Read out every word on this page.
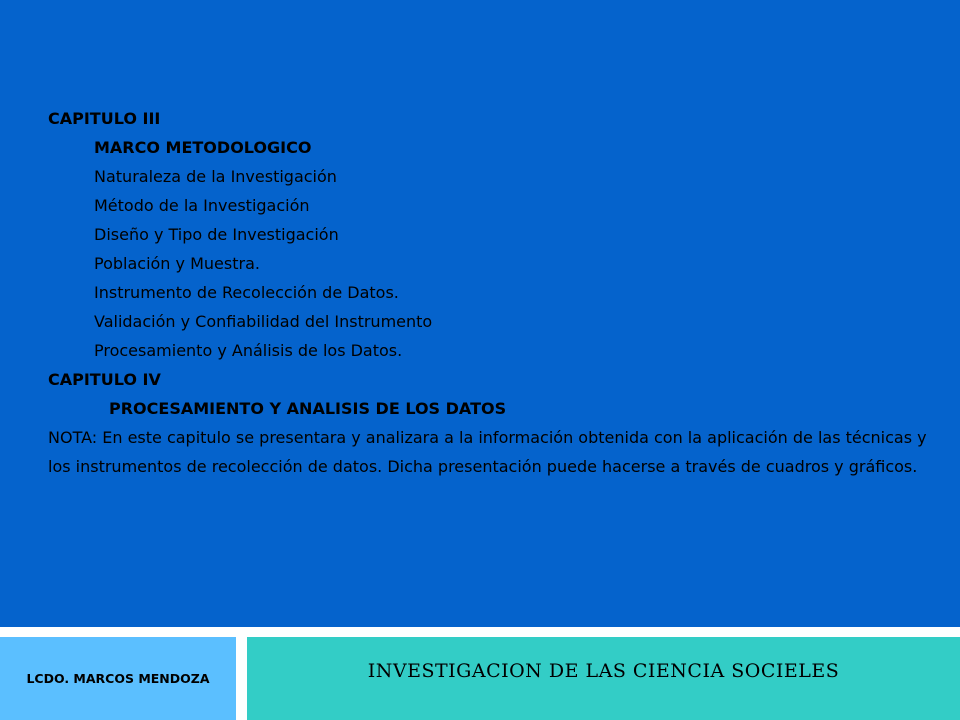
CAPITULO III
MARCO METODOLOGICO
Naturaleza de la Investigación
Método de la Investigación
Diseño y Tipo de Investigación
Población y Muestra.
Instrumento de Recolección de Datos.
Validación y Confiabilidad del Instrumento
Procesamiento y Análisis de los Datos.
CAPITULO IV
PROCESAMIENTO Y ANALISIS DE LOS DATOS
NOTA: En este capitulo se presentara y analizara a la información obtenida con la aplicación de las técnicas y los instrumentos de recolección de datos. Dicha presentación puede hacerse a través de cuadros y gráficos.
LCDO. MARCOS MENDOZA	INVESTIGACION DE LAS CIENCIA SOCIELES
